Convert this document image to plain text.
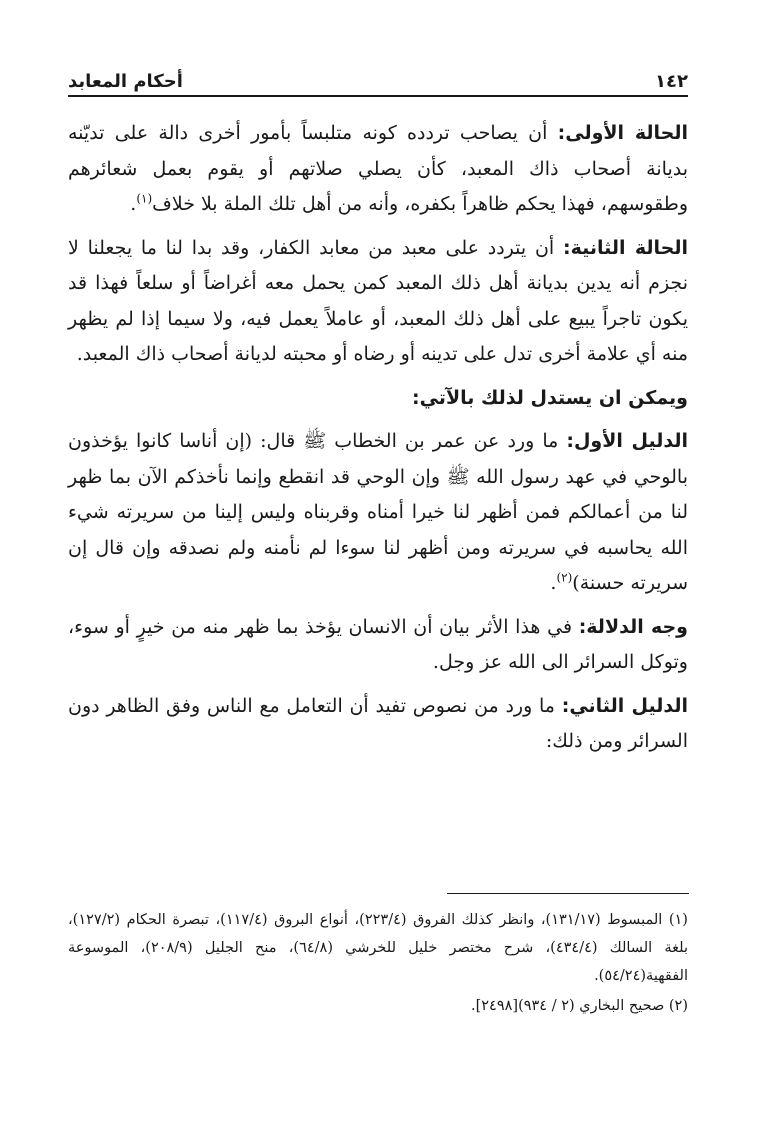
١٤٢
أحكام المعابد

الحالة الأولى: أن يصاحب تردده كونه متلبساً بأمور أخرى دالة على تديّنه بديانة أصحاب ذاك المعبد، كأن يصلي صلاتهم أو يقوم بعمل شعائرهم وطقوسهم، فهذا يحكم ظاهراً بكفره، وأنه من أهل تلك الملة بلا خلاف$^{(١)}$.

الحالة الثانية: أن يتردد على معبد من معابد الكفار، وقد بدا لنا ما يجعلنا لا نجزم أنه يدين بديانة أهل ذلك المعبد كمن يحمل معه أغراضاً أو سلعاً فهذا قد يكون تاجراً يبيع على أهل ذلك المعبد، أو عاملاً يعمل فيه، ولا سيما إذا لم يظهر منه أي علامة أخرى تدل على تدينه أو رضاه أو محبته لديانة أصحاب ذاك المعبد.

ويمكن ان يستدل لذلك بالآتي:

الدليل الأول: ما ورد عن عمر بن الخطاب ﷺ قال: (إن أناسا كانوا يؤخذون بالوحي في عهد رسول الله ﷺ وإن الوحي قد انقطع وإنما نأخذكم الآن بما ظهر لنا من أعمالكم فمن أظهر لنا خيرا أمناه وقربناه وليس إلينا من سريرته شيء الله يحاسبه في سريرته ومن أظهر لنا سوءا لم نأمنه ولم نصدقه وإن قال إن سريرته حسنة)$^{(٢)}$.

وجه الدلالة: في هذا الأثر بيان أن الانسان يؤخذ بما ظهر منه من خيرٍ أو سوء، وتوكل السرائر الى الله عز وجل.

الدليل الثاني: ما ورد من نصوص تفيد أن التعامل مع الناس وفق الظاهر دون السرائر ومن ذلك:

(١) المبسوط (١٣١/١٧)، وانظر كذلك الفروق (٢٢٣/٤)، أنواع البروق (١١٧/٤)، تبصرة الحكام (١٢٧/٢)، بلغة السالك (٤٣٤/٤)، شرح مختصر خليل للخرشي (٦٤/٨)، منح الجليل (٢٠٨/٩)، الموسوعة الفقهية(٥٤/٢٤).

(٢) صحيح البخاري (٢ / ٩٣٤)[٢٤٩٨].
